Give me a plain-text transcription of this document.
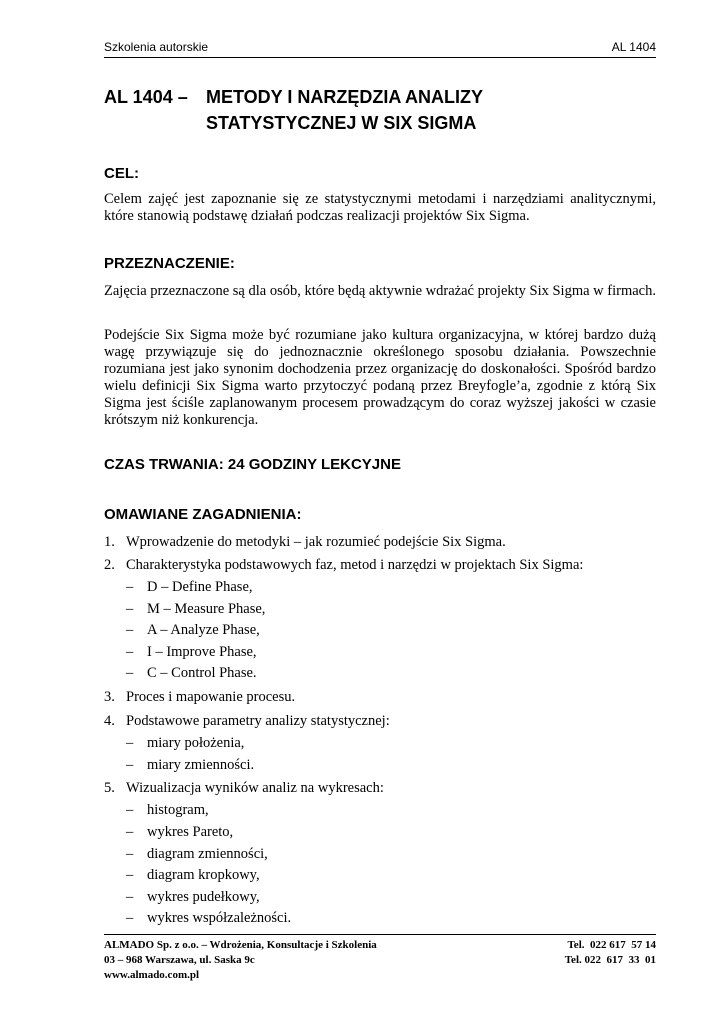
Szkolenia autorskie	AL 1404
AL 1404 – METODY I NARZĘDZIA ANALIZY
STATYSTYCZNEJ W SIX SIGMA
CEL:
Celem zajęć jest zapoznanie się ze statystycznymi metodami i narzędziami analitycznymi, które stanowią podstawę działań podczas realizacji projektów Six Sigma.
PRZEZNACZENIE:
Zajęcia przeznaczone są dla osób, które będą aktywnie wdrażać projekty Six Sigma w firmach.
Podejście Six Sigma może być rozumiane jako kultura organizacyjna, w której bardzo dużą wagę przywiązuje się do jednoznacznie określonego sposobu działania. Powszechnie rozumiana jest jako synonim dochodzenia przez organizację do doskonałości. Spośród bardzo wielu definicji Six Sigma warto przytoczyć podaną przez Breyfogle’a, zgodnie z którą Six Sigma jest ściśle zaplanowanym procesem prowadzącym do coraz wyższej jakości w czasie krótszym niż konkurencja.
CZAS TRWANIA: 24 GODZINY LEKCYJNE
OMAWIANE ZAGADNIENIA:
1. Wprowadzenie do metodyki – jak rozumieć podejście Six Sigma.
2. Charakterystyka podstawowych faz, metod i narzędzi w projektach Six Sigma:
– D – Define Phase,
– M – Measure Phase,
– A – Analyze Phase,
– I – Improve Phase,
– C – Control Phase.
3. Proces i mapowanie procesu.
4. Podstawowe parametry analizy statystycznej:
– miary położenia,
– miary zmienności.
5. Wizualizacja wyników analiz na wykresach:
– histogram,
– wykres Pareto,
– diagram zmienności,
– diagram kropkowy,
– wykres pudełkowy,
– wykres współzależności.
ALMADO Sp. z o.o. – Wdrożenia, Konsultacje i Szkolenia	Tel.  022 617  57 14
03 – 968 Warszawa, ul. Saska 9c	Tel. 022  617  33  01
www.almado.com.pl
